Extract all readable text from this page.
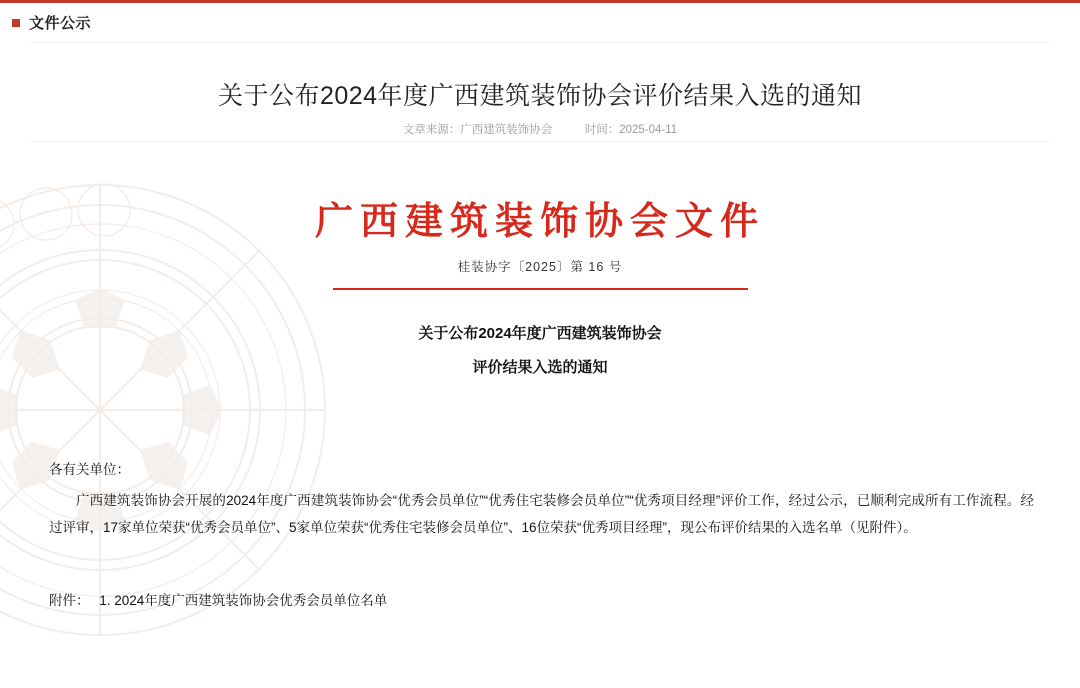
文件公示
关于公布2024年度广西建筑装饰协会评价结果入选的通知
文章来源：广西建筑装饰协会	时间：2025-04-11
广西建筑装饰协会文件
桂装协字〔2025〕第 16 号
关于公布2024年度广西建筑装饰协会
评价结果入选的通知
各有关单位：
广西建筑装饰协会开展的2024年度广西建筑装饰协会“优秀会员单位”“优秀住宅装修会员单位”“优秀项目经理”评价工作，经过公示，已顺利完成所有工作流程。经过评审，17家单位荣获“优秀会员单位”、5家单位荣获“优秀住宅装修会员单位”、16位荣获“优秀项目经理”，现公布评价结果的入选名单（见附件）。
附件： 1. 2024年度广西建筑装饰协会优秀会员单位名单
